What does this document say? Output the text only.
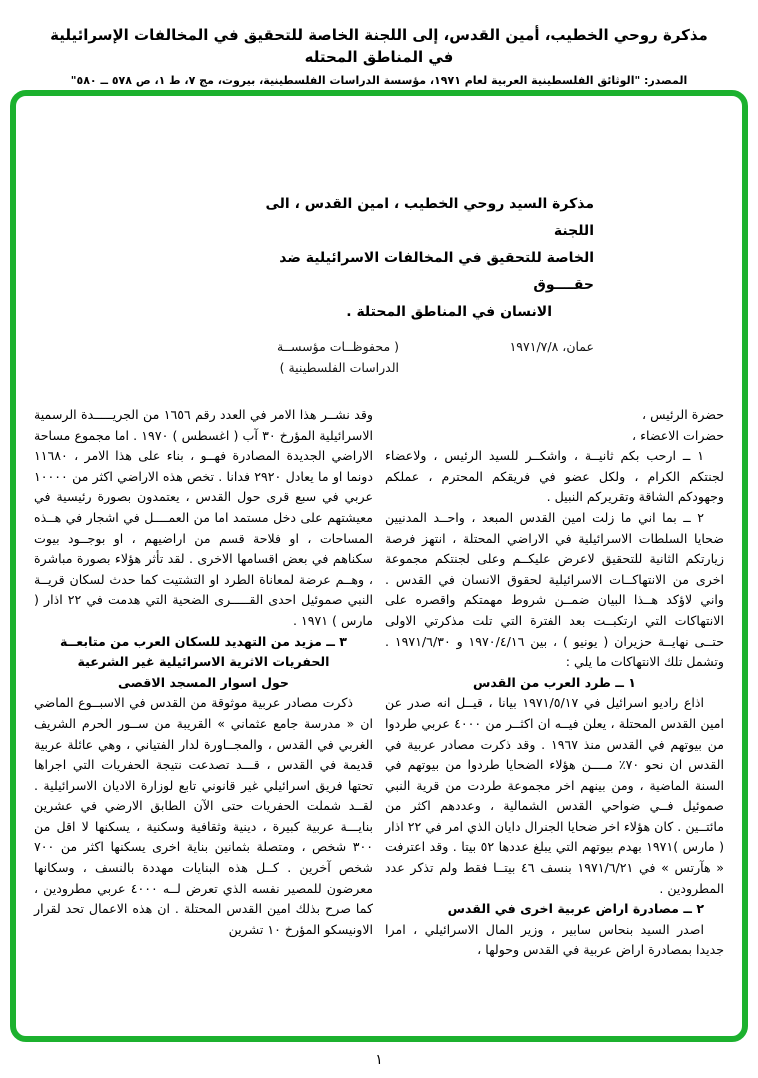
مذكرة روحي الخطيب، أمين القدس، إلى اللجنة الخاصة للتحقيق في المخالفات الإسرائيلية في المناطق المحتله
المصدر: "الوثائق الفلسطينية العربية لعام ١٩٧١، مؤسسة الدراسات الفلسطينية، بيروت، مج ٧، ط ١، ص ٥٧٨ ــ ٥٨٠"
مذكرة السيد روحي الخطيب ، امين القدس ، الى اللجنة
الخاصة للتحقيق في المخالفات الاسرائيلية ضد حقــــوق
الانسان في المناطق المحتلة .
عمان، ١٩٧١/٧/٨
( محفوظــات مؤسســة
الدراسات الفلسطينية )

حضرة الرئيس ،

حضرات الاعضاء ،

١ ــ ارحب بكم ثانيــة ، واشكــر للسيد الرئيس ، ولاعضاء لجنتكم الكرام ، ولكل عضو في فريقكم المحترم ، عملكم وجهودكم الشاقة وتقريركم النبيل .

٢ ــ بما اني ما زلت امين القدس المبعد ، واحــد المدنيين ضحايا السلطات الاسرائيلية في الاراضي المحتلة ، انتهز فرصة زيارتكم الثانية للتحقيق لاعرض عليكــم وعلى لجنتكم مجموعة اخرى من الانتهاكــات الاسرائيلية لحقوق الانسان في القدس . واني لاؤكد هــذا البيان ضمــن شروط مهمتكم واقصره على الانتهاكات التي ارتكبــت بعد الفترة التي تلت مذكرتي الاولى حتــى نهايــة حزيران ( يونيو ) ، بين ١٩٧٠/٤/١٦ و ١٩٧١/٦/٣٠ . وتشمل تلك الانتهاكات ما يلي :

١ ــ طرد العرب من القدس

اذاع راديو اسرائيل في ١٩٧١/٥/١٧ بيانا ، قيــل انه صدر عن امين القدس المحتلة ، يعلن فيــه ان اكثــر من ٤٠٠٠ عربي طردوا من بيوتهم في القدس منذ ١٩٦٧ . وقد ذكرت مصادر عربية في القدس ان نحو ٧٠٪ مــــن هؤلاء الضحايا طردوا من بيوتهم في السنة الماضية ، ومن بينهم اخر مجموعة طردت من قرية النبي صموئيل فــي ضواحي القدس الشمالية ، وعددهم اكثر من مائتــين . كان هؤلاء اخر ضحايا الجنرال دايان الذي امر في ٢٢ اذار ( مارس )١٩٧١ بهدم بيوتهم التي يبلغ عددها ٥٢ بيتا . وقد اعترفت « هآرتس » في ١٩٧١/٦/٢١ بنسف ٤٦ بيتــا فقط ولم تذكر عدد المطرودين .

٢ ــ مصادرة اراض عربية اخرى في القدس

اصدر السيد بنحاس سابير ، وزير المال الاسرائيلي ، امرا جديدا بمصادرة اراض عربية في القدس وحولها ،

وقد نشــر هذا الامر في العدد رقم ١٦٥٦ من الجريـــــدة الرسمية الاسرائيلية المؤرخ ٣٠ آب ( اغسطس ) ١٩٧٠ . اما مجموع مساحة الاراضي الجديدة المصادرة فهــو ، بناء على هذا الامر ، ١١٦٨٠ دونما او ما يعادل ٢٩٢٠ فدانا . تخص هذه الاراضي اكثر من ١٠٠٠٠ عربي في سبع قرى حول القدس ، يعتمدون بصورة رئيسية في معيشتهم على دخل مستمد اما من العمــــل في اشجار في هــذه المساحات ، او فلاحة قسم من اراضيهم ، او بوجــود بيوت سكناهم في بعض اقسامها الاخرى . لقد تأثر هؤلاء بصورة مباشرة ، وهــم عرضة لمعاناة الطرد او التشتيت كما حدث لسكان قريــة النبي صموئيل احدى القـــــرى الضحية التي هدمت في ٢٢ اذار ( مارس ) ١٩٧١ .

٣ ــ مزيد من التهديد للسكان العرب من متابعــة
الحفريات الاثرية الاسرائيلية غير الشرعية
حول اسوار المسجد الاقصى

ذكرت مصادر عربية موثوقة من القدس في الاسبــوع الماضي ان « مدرسة جامع عثماني » القريبة من ســور الحرم الشريف الغربي في القدس ، والمجــاورة لدار الفتياني ، وهي عائلة عربية قديمة في القدس ، قـــد تصدعت نتيجة الحفريات التي اجراها تحتها فريق اسرائيلي غير قانوني تابع لوزارة الاديان الاسرائيلية . لقــد شملت الحفريات حتى الآن الطابق الارضي في عشرين بنايـــة عربية كبيرة ، دينية وثقافية وسكنية ، يسكنها لا اقل من ٣٠٠ شخص ، ومتصلة بثمانين بناية اخرى يسكنها اكثر من ٧٠٠ شخص آخرين . كــل هذه البنايات مهددة بالنسف ، وسكانها معرضون للمصير نفسه الذي تعرض لــه ٤٠٠٠ عربي مطرودين ، كما صرح بذلك امين القدس المحتلة . ان هذه الاعمال تحد لقرار الاونيسكو المؤرخ ١٠ تشرين

١
